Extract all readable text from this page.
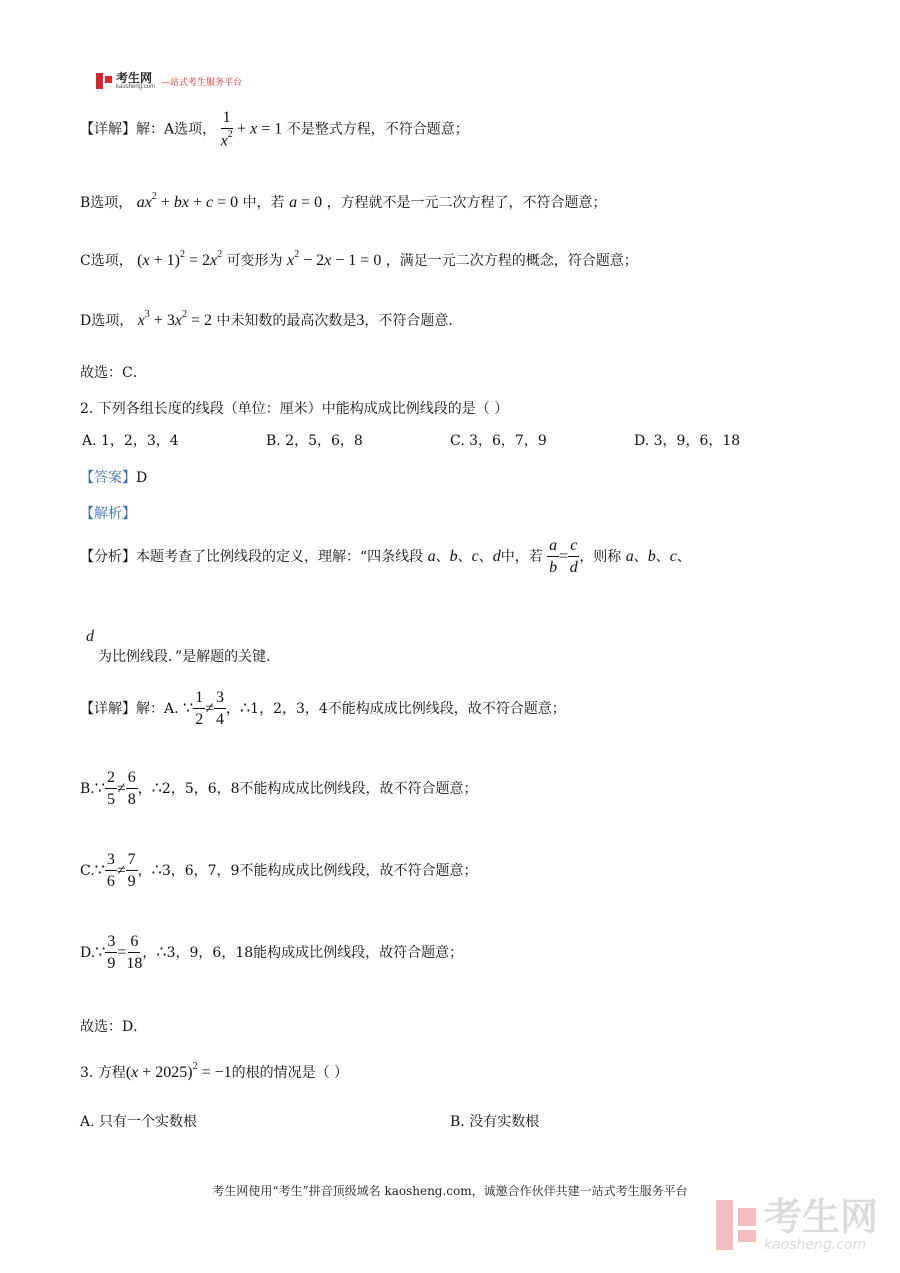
考生网
kaosheng.com —站式考生服务平台
【详解】解：A选项， $\frac{1}{x^2} + x = 1$ 不是整式方程，不符合题意；
B选项， $ax^2$ + bx + c = 0 中，若 a = 0 ，方程就不是一元二次方程了，不符合题意；
C选项， $(x + 1)^2 = 2x^2$ 可变形为 $x^2 - 2x - 1 = 0$ ，满足一元二次方程的概念，符合题意；
D选项， $x^3 + 3x^2 = 2$ 中未知数的最高次数是3，不符合题意．
故选：C．
2. 下列各组长度的线段（单位：厘米）中能构成成比例线段的是（ ）
A. 1，2，3，4	B. 2，5，6，8	C. 3，6，7，9	D. 3，9，6，18
【答案】D
【解析】
【分析】本题考查了比例线段的定义，理解：“四条线段 a、b、c、d中，若 $\frac{a}{b} = \frac{c}{d}$ ，则称 a、b、c、
d
为比例线段．”是解题的关键．
【详解】解：A. ∵ $\frac{1}{2} \ne \frac{3}{4}$ ，∴1，2，3，4不能构成成比例线段，故不符合题意；
B.∵ $\frac{2}{5} \ne \frac{6}{8}$ ，∴2，5，6，8不能构成成比例线段，故不符合题意；
C.∵ $\frac{3}{6} \ne \frac{7}{9}$ ，∴3，6，7，9不能构成成比例线段，故不符合题意；
D.∵ $\frac{3}{9} = \frac{6}{18}$ ，∴3，9，6，18能构成成比例线段，故符合题意；
故选：D．
3. 方程$(x + 2025)^2 = -1$的根的情况是（ ）
A. 只有一个实数根	B. 没有实数根
考生网使用“考生”拼音顶级域名 kaosheng.com，诚邀合作伙伴共建一站式考生服务平台
考生网
kaosheng.com
